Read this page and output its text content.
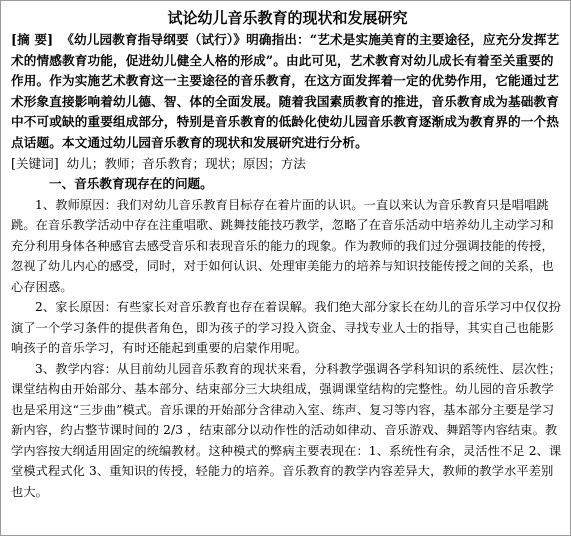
试论幼儿音乐教育的现状和发展研究

[摘 要] 《幼儿园教育指导纲要（试行）》明确指出：“艺术是实施美育的主要途径，应充分发挥艺术的情感教育功能，促进幼儿健全人格的形成”。由此可见，艺术教育对幼儿成长有着至关重要的作用。作为实施艺术教育这一主要途径的音乐教育，在这方面发挥着一定的优势作用，它能通过艺术形象直接影响着幼儿德、智、体的全面发展。随着我国素质教育的推进，音乐教育成为基础教育中不可或缺的重要组成部分，特别是音乐教育的低龄化使幼儿园音乐教育逐渐成为教育界的一个热点话题。本文通过幼儿园音乐教育的现状和发展研究进行分析。

[关键词] 幼儿；教师；音乐教育；现状；原因；方法

一、音乐教育现存在的问题。

1、教师原因：我们对幼儿音乐教育目标存在着片面的认识。一直以来认为音乐教育只是唱唱跳跳。在音乐教学活动中存在注重唱歌、跳舞技能技巧教学，忽略了在音乐活动中培养幼儿主动学习和充分利用身体各种感官去感受音乐和表现音乐的能力的现象。作为教师的我们过分强调技能的传授，忽视了幼儿内心的感受，同时，对于如何认识、处理审美能力的培养与知识技能传授之间的关系，也心存困惑。

2、家长原因：有些家长对音乐教育也存在着误解。我们绝大部分家长在幼儿的音乐学习中仅仅扮演了一个学习条件的提供者角色，即为孩子的学习投入资金、寻找专业人士的指导，其实自己也能影响孩子的音乐学习，有时还能起到重要的启蒙作用呢。

3、教学内容：从目前幼儿园音乐教育的现状来看，分科教学强调各学科知识的系统性、层次性；课堂结构由开始部分、基本部分、结束部分三大块组成，强调课堂结构的完整性。幼儿园的音乐教学也是采用这“三步曲”模式。音乐课的开始部分含律动入室、练声、复习等内容，基本部分主要是学习新内容，约占整节课时间的 2/3 ，结束部分以动作性的活动如律动、音乐游戏、舞蹈等内容结束。教学内容按大纲适用固定的统编教材。这种模式的弊病主要表现在：1、系统性有余，灵活性不足 2、课堂模式程式化 3、重知识的传授，轻能力的培养。音乐教育的教学内容差异大，教师的教学水平差别也大。
